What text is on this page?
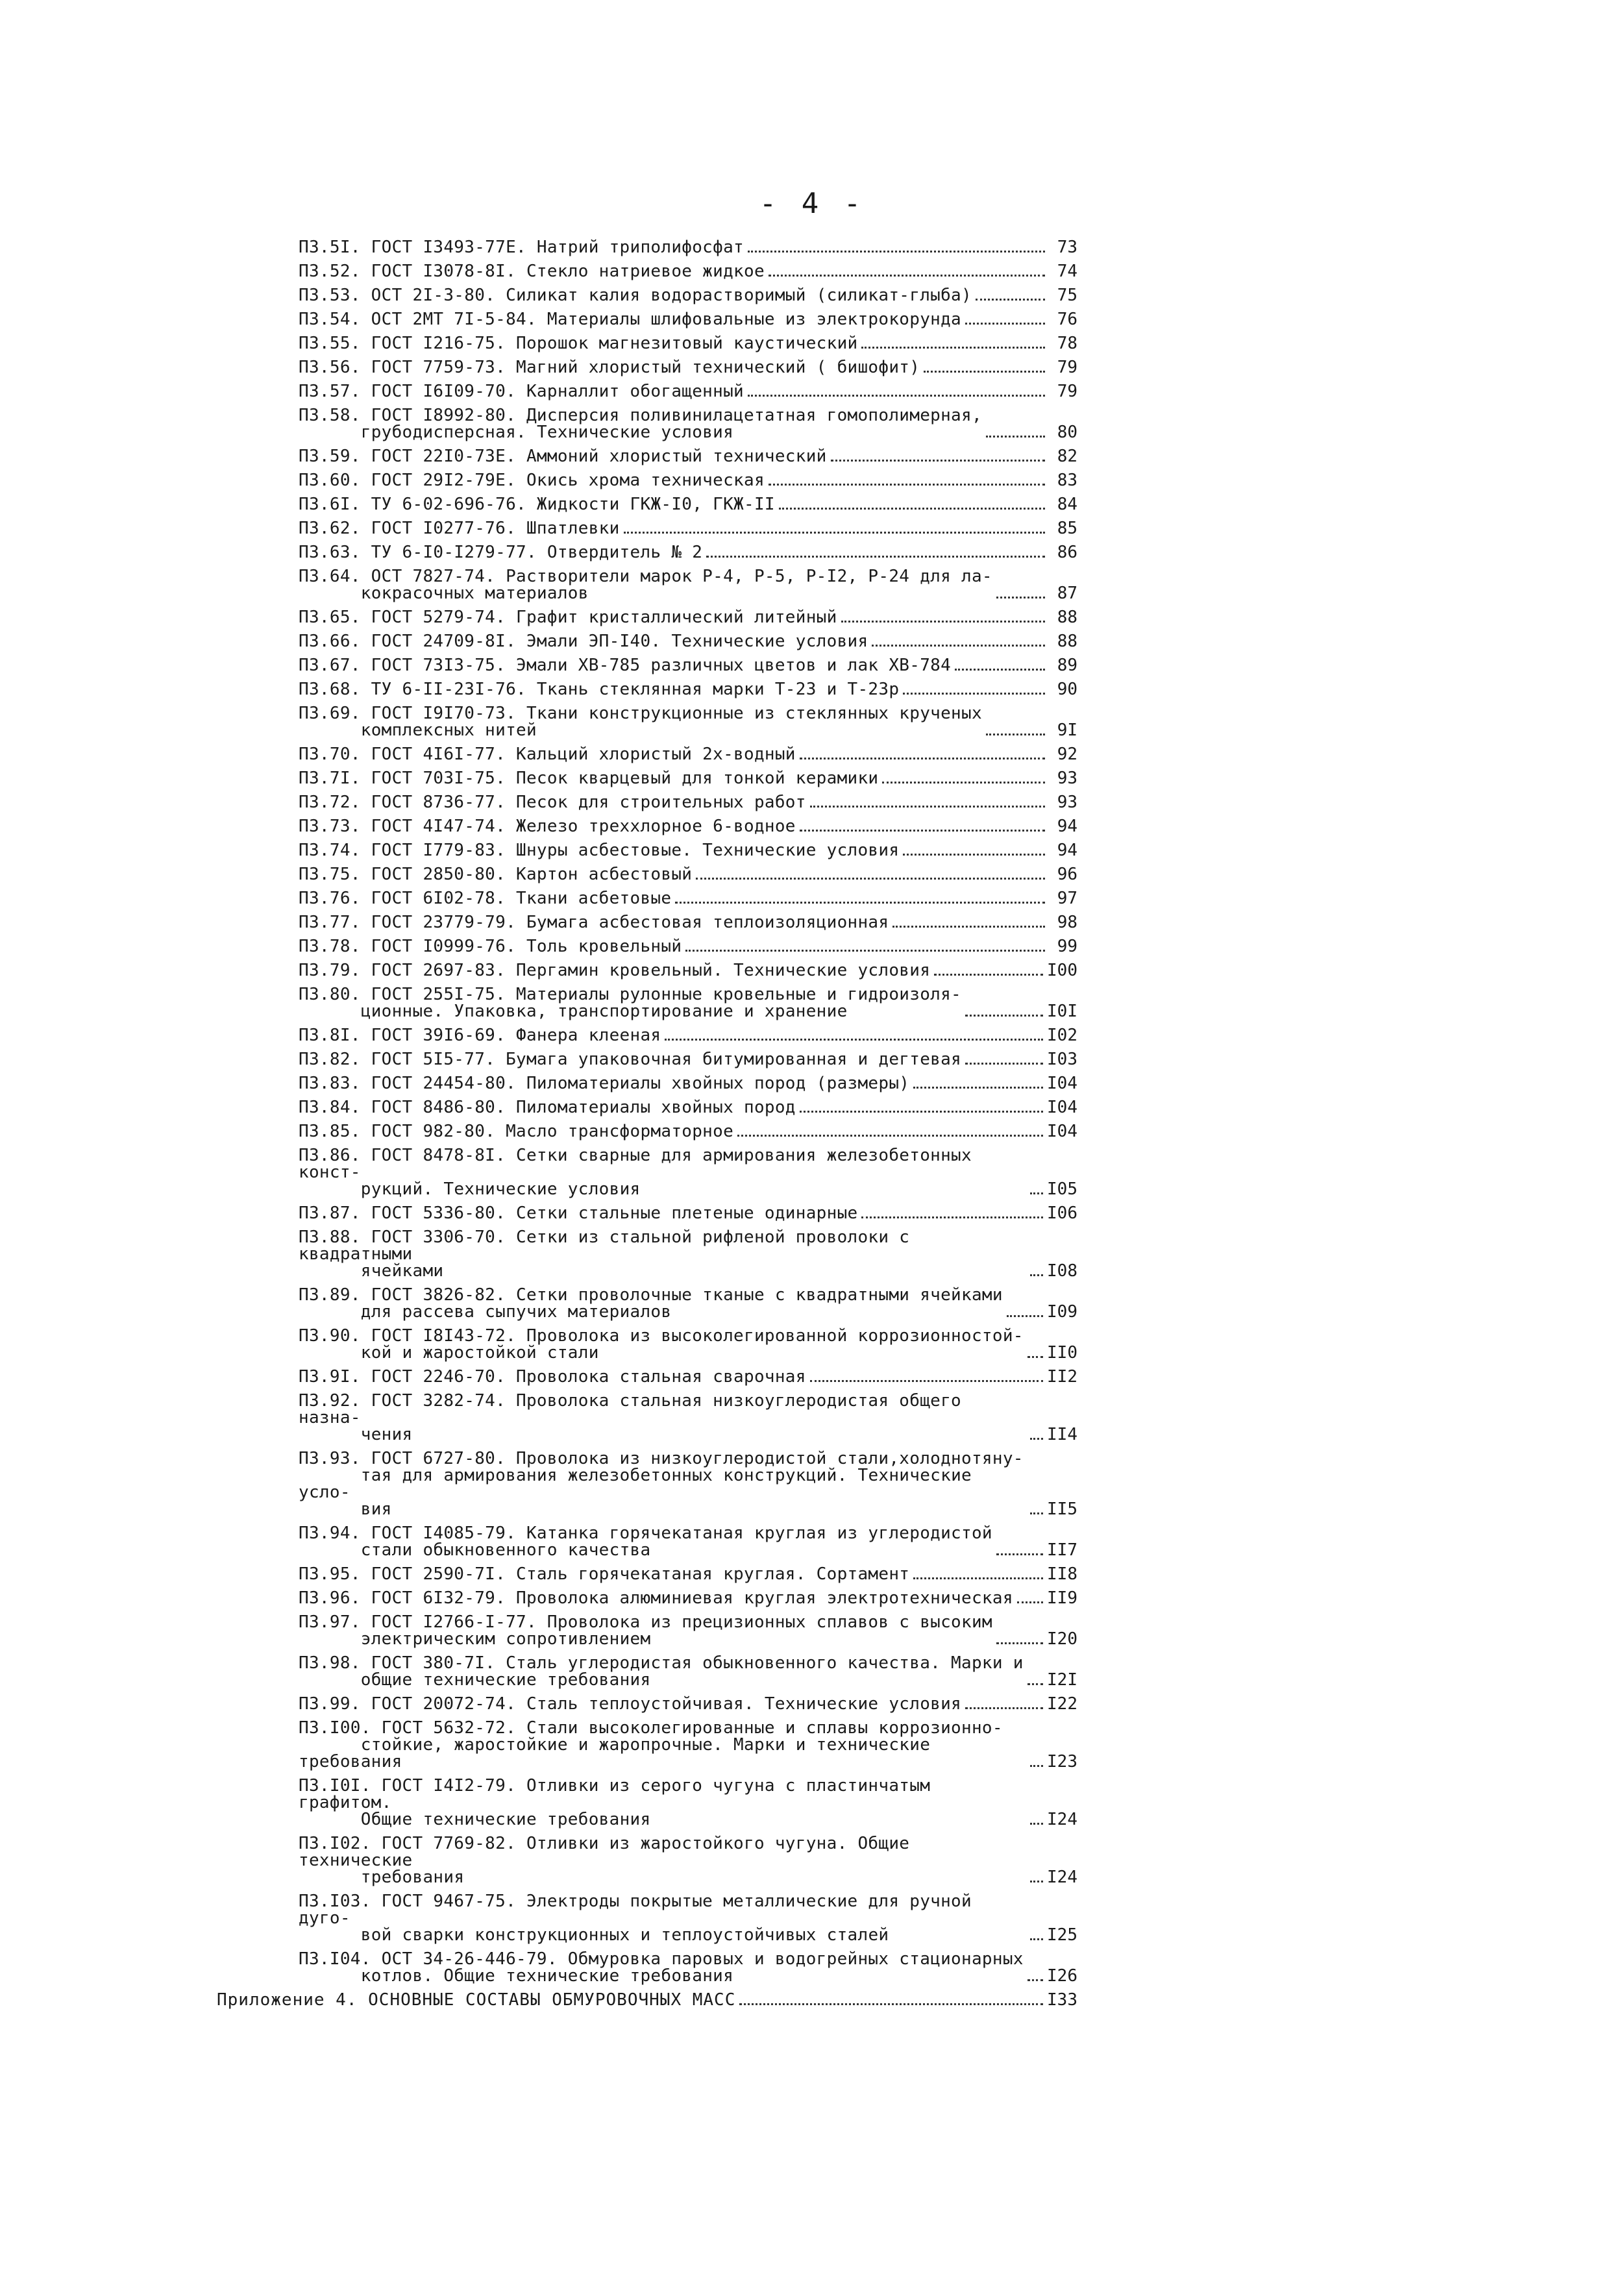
- 4 -
ПЗ.5I. ГОСТ I3493-77Е. Натрий триполифосфат	73
ПЗ.52. ГОСТ I3078-8I. Стекло натриевое жидкое	74
ПЗ.53. ОСТ 2I-3-80. Силикат калия водорастворимый (силикат-глыба)	75
ПЗ.54. ОСТ 2МТ 7I-5-84. Материалы шлифовальные из электрокорунда	76
ПЗ.55. ГОСТ I216-75. Порошок магнезитовый каустический	78
ПЗ.56. ГОСТ 7759-73. Магний хлористый технический ( бишофит)	79
ПЗ.57. ГОСТ I6I09-70. Карналлит обогащенный	79
ПЗ.58. ГОСТ I8992-80. Дисперсия поливинилацетатная гомополимерная,
грубодисперсная. Технические условия	80
ПЗ.59. ГОСТ 22I0-73Е. Аммоний хлористый технический	82
ПЗ.60. ГОСТ 29I2-79Е. Окись хрома техническая	83
ПЗ.6I. ТУ 6-02-696-76. Жидкости ГКЖ-I0, ГКЖ-II	84
ПЗ.62. ГОСТ I0277-76. Шпатлевки	85
ПЗ.63. ТУ 6-I0-I279-77. Отвердитель № 2	86
ПЗ.64. ОСТ 7827-74. Растворители марок Р-4, Р-5, Р-I2, Р-24 для ла-
кокрасочных материалов	87
ПЗ.65. ГОСТ 5279-74. Графит кристаллический литейный	88
ПЗ.66. ГОСТ 24709-8I. Эмали ЭП-I40. Технические условия	88
ПЗ.67. ГОСТ 73I3-75. Эмали ХВ-785 различных цветов и лак ХВ-784	89
ПЗ.68. ТУ 6-II-23I-76. Ткань стеклянная марки Т-23 и Т-23р	90
ПЗ.69. ГОСТ I9I70-73. Ткани конструкционные из стеклянных крученых
комплексных нитей	9I
ПЗ.70. ГОСТ 4I6I-77. Кальций хлористый 2х-водный	92
ПЗ.7I. ГОСТ 703I-75. Песок кварцевый для тонкой керамики	93
ПЗ.72. ГОСТ 8736-77. Песок для строительных работ	93
ПЗ.73. ГОСТ 4I47-74. Железо треххлорное 6-водное	94
ПЗ.74. ГОСТ I779-83. Шнуры асбестовые. Технические условия	94
ПЗ.75. ГОСТ 2850-80. Картон асбестовый	96
ПЗ.76. ГОСТ 6I02-78. Ткани асбетовые	97
ПЗ.77. ГОСТ 23779-79. Бумага асбестовая теплоизоляционная	98
ПЗ.78. ГОСТ I0999-76. Толь кровельный	99
ПЗ.79. ГОСТ 2697-83. Пергамин кровельный. Технические условия	I00
ПЗ.80. ГОСТ 255I-75. Материалы рулонные кровельные и гидроизоля-
ционные. Упаковка, транспортирование и хранение	I0I
ПЗ.8I. ГОСТ 39I6-69. Фанера клееная	I02
ПЗ.82. ГОСТ 5I5-77. Бумага упаковочная битумированная и дегтевая	I03
ПЗ.83. ГОСТ 24454-80. Пиломатериалы хвойных пород (размеры)	I04
ПЗ.84. ГОСТ 8486-80. Пиломатериалы хвойных пород	I04
ПЗ.85. ГОСТ 982-80. Масло трансформаторное	I04
ПЗ.86. ГОСТ 8478-8I. Сетки сварные для армирования железобетонных конст-
рукций. Технические условия	I05
ПЗ.87. ГОСТ 5336-80. Сетки стальные плетеные одинарные	I06
ПЗ.88. ГОСТ 3306-70. Сетки из стальной рифленой проволоки с квадратными
ячейками	I08
ПЗ.89. ГОСТ 3826-82. Сетки проволочные тканые с квадратными ячейками
для рассева сыпучих материалов	I09
ПЗ.90. ГОСТ I8I43-72. Проволока из высоколегированной коррозионностой-
кой и жаростойкой стали	II0
ПЗ.9I. ГОСТ 2246-70. Проволока стальная сварочная	II2
ПЗ.92. ГОСТ 3282-74. Проволока стальная низкоуглеродистая общего назна-
чения	II4
ПЗ.93. ГОСТ 6727-80. Проволока из низкоуглеродистой стали,холоднотяну-
тая для армирования железобетонных конструкций. Технические усло-
вия	II5
ПЗ.94. ГОСТ I4085-79. Катанка горячекатаная круглая из углеродистой
стали обыкновенного качества	II7
ПЗ.95. ГОСТ 2590-7I. Сталь горячекатаная круглая. Сортамент	II8
ПЗ.96. ГОСТ 6I32-79. Проволока алюминиевая круглая электротехническая II9
ПЗ.97. ГОСТ I2766-I-77. Проволока из прецизионных сплавов с высоким
электрическим сопротивлением	I20
ПЗ.98. ГОСТ 380-7I. Сталь углеродистая обыкновенного качества. Марки и
общие технические требования	I2I
ПЗ.99. ГОСТ 20072-74. Сталь теплоустойчивая. Технические условия	I22
ПЗ.I00. ГОСТ 5632-72. Стали высоколегированные и сплавы коррозионно-
стойкие, жаростойкие и жаропрочные. Марки и технические требования	I23
ПЗ.I0I. ГОСТ I4I2-79. Отливки из серого чугуна с пластинчатым графитом.
Общие технические требования	I24
ПЗ.I02. ГОСТ 7769-82. Отливки из жаростойкого чугуна. Общие технические
требования	I24
ПЗ.I03. ГОСТ 9467-75. Электроды покрытые металлические для ручной дуго-
вой сварки конструкционных и теплоустойчивых сталей	I25
ПЗ.I04. ОСТ 34-26-446-79. Обмуровка паровых и водогрейных стационарных
котлов. Общие технические требования	I26
Приложение 4. ОСНОВНЫЕ СОСТАВЫ ОБМУРОВОЧНЫХ МАСС	I33
